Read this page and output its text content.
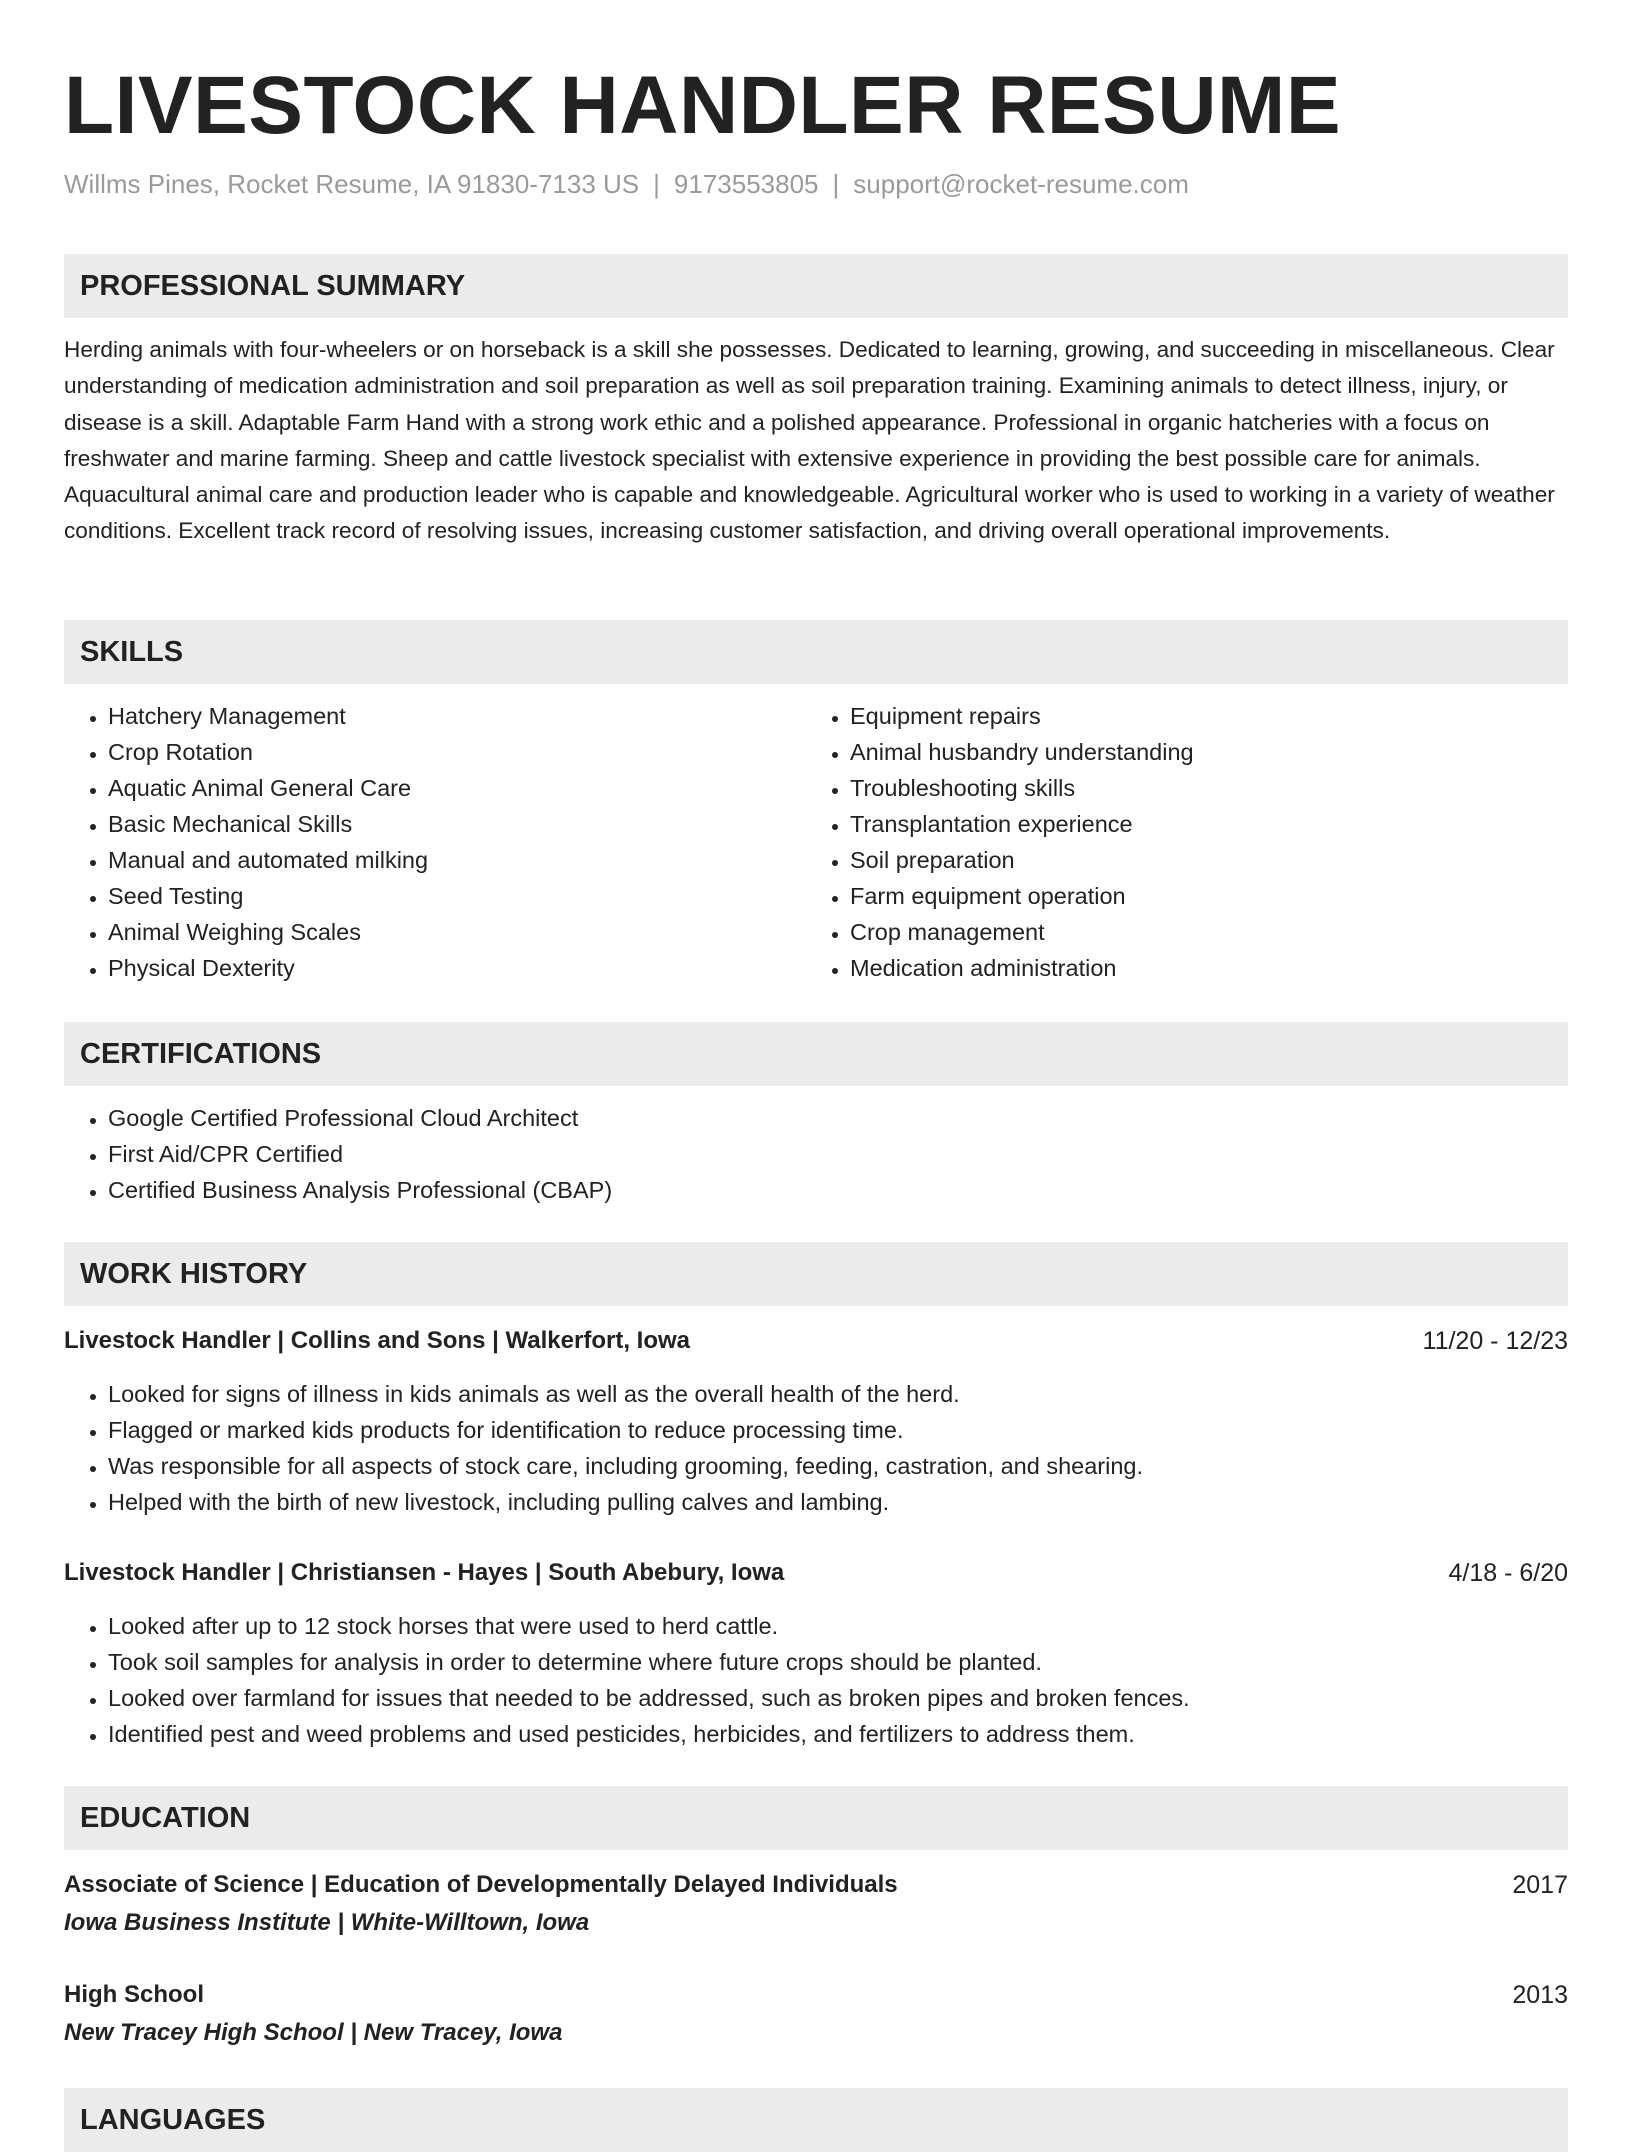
LIVESTOCK HANDLER RESUME
Willms Pines, Rocket Resume, IA 91830-7133 US | 9173553805 | support@rocket-resume.com
PROFESSIONAL SUMMARY

Herding animals with four-wheelers or on horseback is a skill she possesses. Dedicated to learning, growing, and succeeding in miscellaneous. Clear understanding of medication administration and soil preparation as well as soil preparation training. Examining animals to detect illness, injury, or disease is a skill. Adaptable Farm Hand with a strong work ethic and a polished appearance. Professional in organic hatcheries with a focus on freshwater and marine farming. Sheep and cattle livestock specialist with extensive experience in providing the best possible care for animals. Aquacultural animal care and production leader who is capable and knowledgeable. Agricultural worker who is used to working in a variety of weather conditions. Excellent track record of resolving issues, increasing customer satisfaction, and driving overall operational improvements.

SKILLS
• Hatchery Management
• Crop Rotation
• Aquatic Animal General Care
• Basic Mechanical Skills
• Manual and automated milking
• Seed Testing
• Animal Weighing Scales
• Physical Dexterity
• Equipment repairs
• Animal husbandry understanding
• Troubleshooting skills
• Transplantation experience
• Soil preparation
• Farm equipment operation
• Crop management
• Medication administration
CERTIFICATIONS
• Google Certified Professional Cloud Architect
• First Aid/CPR Certified
• Certified Business Analysis Professional (CBAP)
WORK HISTORY
Livestock Handler | Collins and Sons | Walkerfort, Iowa	11/20 - 12/23
• Looked for signs of illness in kids animals as well as the overall health of the herd.
• Flagged or marked kids products for identification to reduce processing time.
• Was responsible for all aspects of stock care, including grooming, feeding, castration, and shearing.
• Helped with the birth of new livestock, including pulling calves and lambing.
Livestock Handler | Christiansen - Hayes | South Abebury, Iowa	4/18 - 6/20
• Looked after up to 12 stock horses that were used to herd cattle.
• Took soil samples for analysis in order to determine where future crops should be planted.
• Looked over farmland for issues that needed to be addressed, such as broken pipes and broken fences.
• Identified pest and weed problems and used pesticides, herbicides, and fertilizers to address them.
EDUCATION
Associate of Science | Education of Developmentally Delayed Individuals	2017
Iowa Business Institute | White-Willtown, Iowa
High School	2013
New Tracey High School | New Tracey, Iowa
LANGUAGES
